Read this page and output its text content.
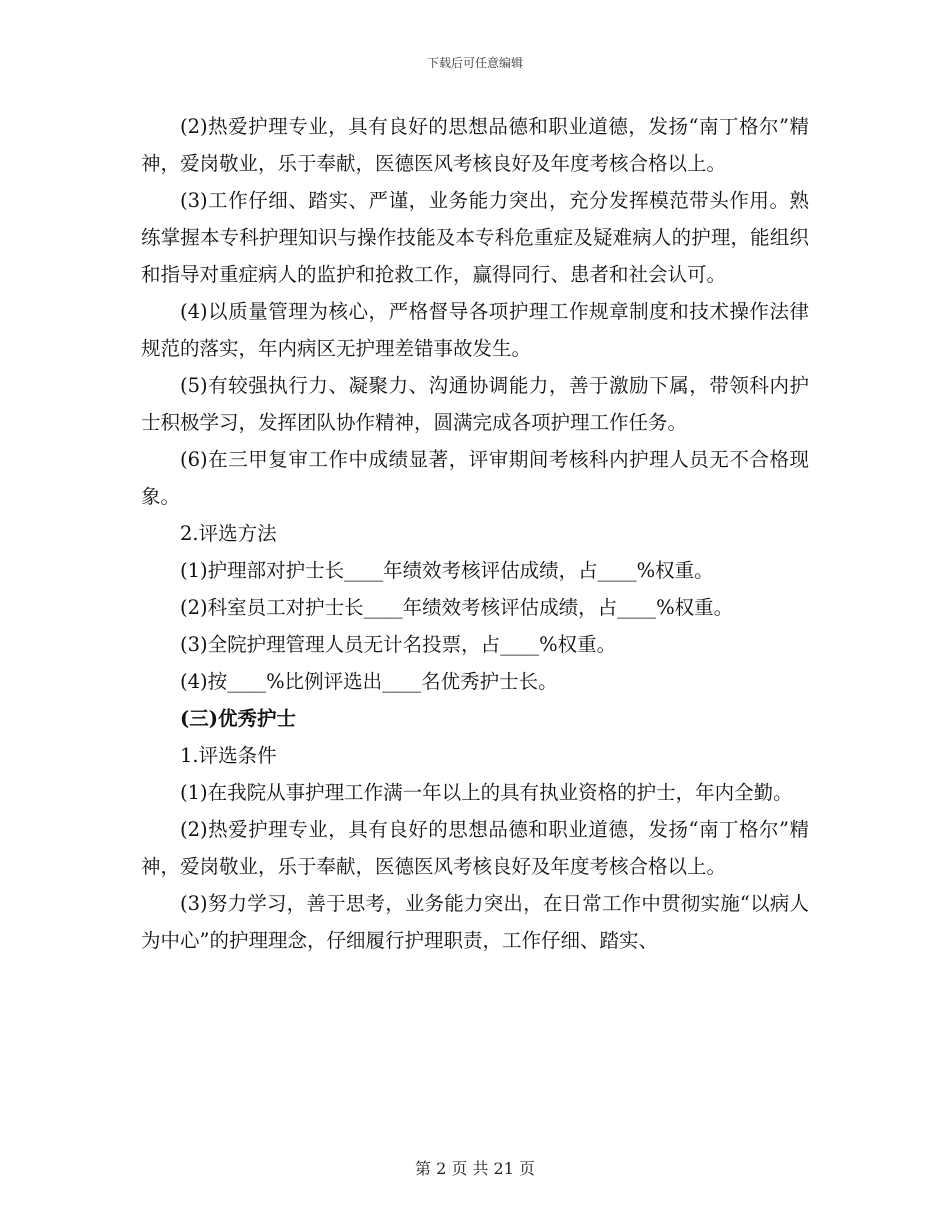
下载后可任意编辑

(2)热爱护理专业，具有良好的思想品德和职业道德，发扬“南丁格尔”精神，爱岗敬业，乐于奉献，医德医风考核良好及年度考核合格以上。

(3)工作仔细、踏实、严谨，业务能力突出，充分发挥模范带头作用。熟练掌握本专科护理知识与操作技能及本专科危重症及疑难病人的护理，能组织和指导对重症病人的监护和抢救工作，赢得同行、患者和社会认可。

(4)以质量管理为核心，严格督导各项护理工作规章制度和技术操作法律规范的落实，年内病区无护理差错事故发生。

(5)有较强执行力、凝聚力、沟通协调能力，善于激励下属，带领科内护士积极学习，发挥团队协作精神，圆满完成各项护理工作任务。

(6)在三甲复审工作中成绩显著，评审期间考核科内护理人员无不合格现象。

2.评选方法

(1)护理部对护士长____年绩效考核评估成绩，占____%权重。

(2)科室员工对护士长____年绩效考核评估成绩，占____%权重。

(3)全院护理管理人员无计名投票，占____%权重。

(4)按____%比例评选出____名优秀护士长。

(三)优秀护士

1.评选条件

(1)在我院从事护理工作满一年以上的具有执业资格的护士，年内全勤。

(2)热爱护理专业，具有良好的思想品德和职业道德，发扬“南丁格尔”精神，爱岗敬业，乐于奉献，医德医风考核良好及年度考核合格以上。

(3)努力学习，善于思考，业务能力突出，在日常工作中贯彻实施“以病人为中心”的护理理念，仔细履行护理职责，工作仔细、踏实、

第 2 页 共 21 页
